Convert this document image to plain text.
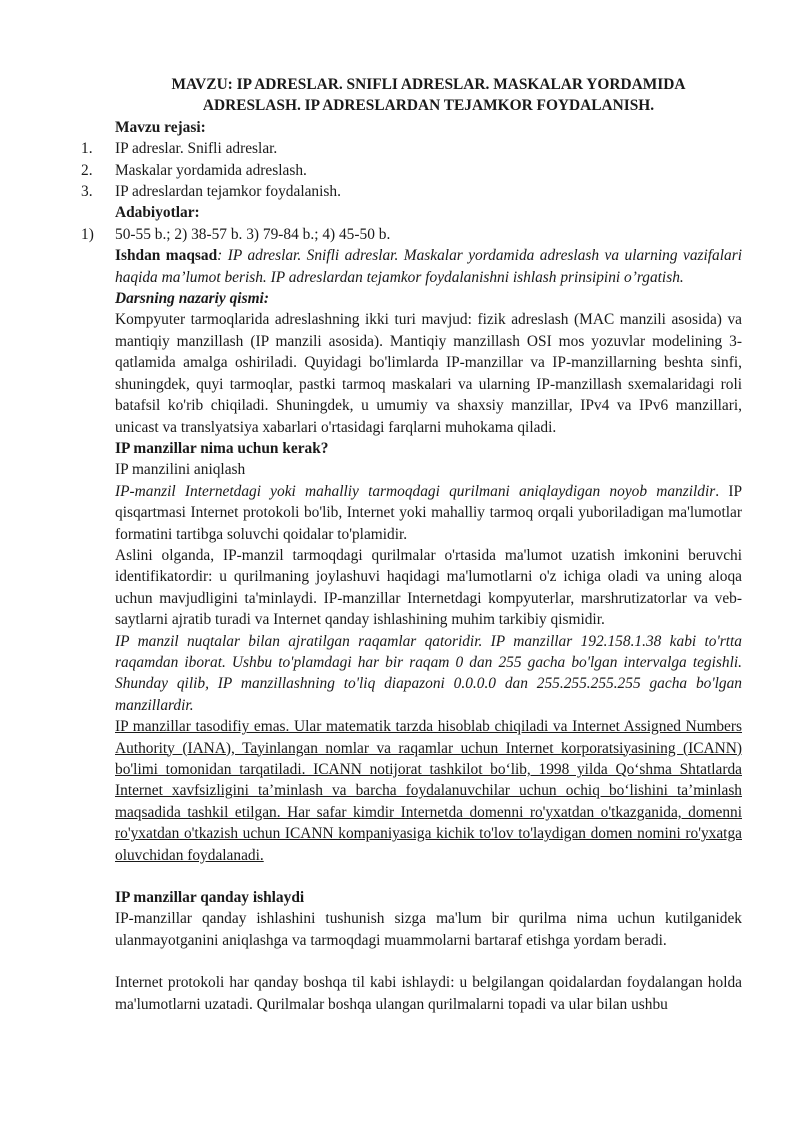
MAVZU: IP ADRESLAR. SNIFLI ADRESLAR. MASKALAR YORDAMIDA
ADRESLASH. IP ADRESLARDAN TEJAMKOR FOYDALANISH.
Mavzu rejasi:
1. IP adreslar. Snifli adreslar.
2. Maskalar yordamida adreslash.
3. IP adreslardan tejamkor foydalanish.
Adabiyotlar:
1) 50-55 b.; 2) 38-57 b. 3) 79-84 b.; 4) 45-50 b.
Ishdan maqsad: IP adreslar. Snifli adreslar. Maskalar yordamida adreslash va ularning vazifalari haqida ma’lumot berish. IP adreslardan tejamkor foydalanishni ishlash prinsipini o’rgatish.
Darsning nazariy qismi:
Kompyuter tarmoqlarida adreslashning ikki turi mavjud: fizik adreslash (MAC manzili asosida) va mantiqiy manzillash (IP manzili asosida). Mantiqiy manzillash OSI mos yozuvlar modelining 3-qatlamida amalga oshiriladi. Quyidagi bo'limlarda IP-manzillar va IP-manzillarning beshta sinfi, shuningdek, quyi tarmoqlar, pastki tarmoq maskalari va ularning IP-manzillash sxemalaridagi roli batafsil ko'rib chiqiladi. Shuningdek, u umumiy va shaxsiy manzillar, IPv4 va IPv6 manzillari, unicast va translyatsiya xabarlari o'rtasidagi farqlarni muhokama qiladi.
IP manzillar nima uchun kerak?
IP manzilini aniqlash
IP-manzil Internetdagi yoki mahalliy tarmoqdagi qurilmani aniqlaydigan noyob manzildir. IP qisqartmasi Internet protokoli bo'lib, Internet yoki mahalliy tarmoq orqali yuboriladigan ma'lumotlar formatini tartibga soluvchi qoidalar to'plamidir.
Aslini olganda, IP-manzil tarmoqdagi qurilmalar o'rtasida ma'lumot uzatish imkonini beruvchi identifikatordir: u qurilmaning joylashuvi haqidagi ma'lumotlarni o'z ichiga oladi va uning aloqa uchun mavjudligini ta'minlaydi. IP-manzillar Internetdagi kompyuterlar, marshrutizatorlar va veb-saytlarni ajratib turadi va Internet qanday ishlashining muhim tarkibiy qismidir.
IP manzil nuqtalar bilan ajratilgan raqamlar qatoridir. IP manzillar 192.158.1.38 kabi to'rtta raqamdan iborat. Ushbu to'plamdagi har bir raqam 0 dan 255 gacha bo'lgan intervalga tegishli. Shunday qilib, IP manzillashning to'liq diapazoni 0.0.0.0 dan 255.255.255.255 gacha bo'lgan manzillardir.
IP manzillar tasodifiy emas. Ular matematik tarzda hisoblab chiqiladi va Internet Assigned Numbers Authority (IANA), Tayinlangan nomlar va raqamlar uchun Internet korporatsiyasining (ICANN) bo'limi tomonidan tarqatiladi. ICANN notijorat tashkilot bo‘lib, 1998 yilda Qo‘shma Shtatlarda Internet xavfsizligini ta’minlash va barcha foydalanuvchilar uchun ochiq bo‘lishini ta’minlash maqsadida tashkil etilgan. Har safar kimdir Internetda domenni ro'yxatdan o'tkazganida, domenni ro'yxatdan o'tkazish uchun ICANN kompaniyasiga kichik to'lov to'laydigan domen nomini ro'yxatga oluvchidan foydalanadi.
IP manzillar qanday ishlaydi
IP-manzillar qanday ishlashini tushunish sizga ma'lum bir qurilma nima uchun kutilganidek ulanmayotganini aniqlashga va tarmoqdagi muammolarni bartaraf etishga yordam beradi.
Internet protokoli har qanday boshqa til kabi ishlaydi: u belgilangan qoidalardan foydalangan holda ma'lumotlarni uzatadi. Qurilmalar boshqa ulangan qurilmalarni topadi va ular bilan ushbu
